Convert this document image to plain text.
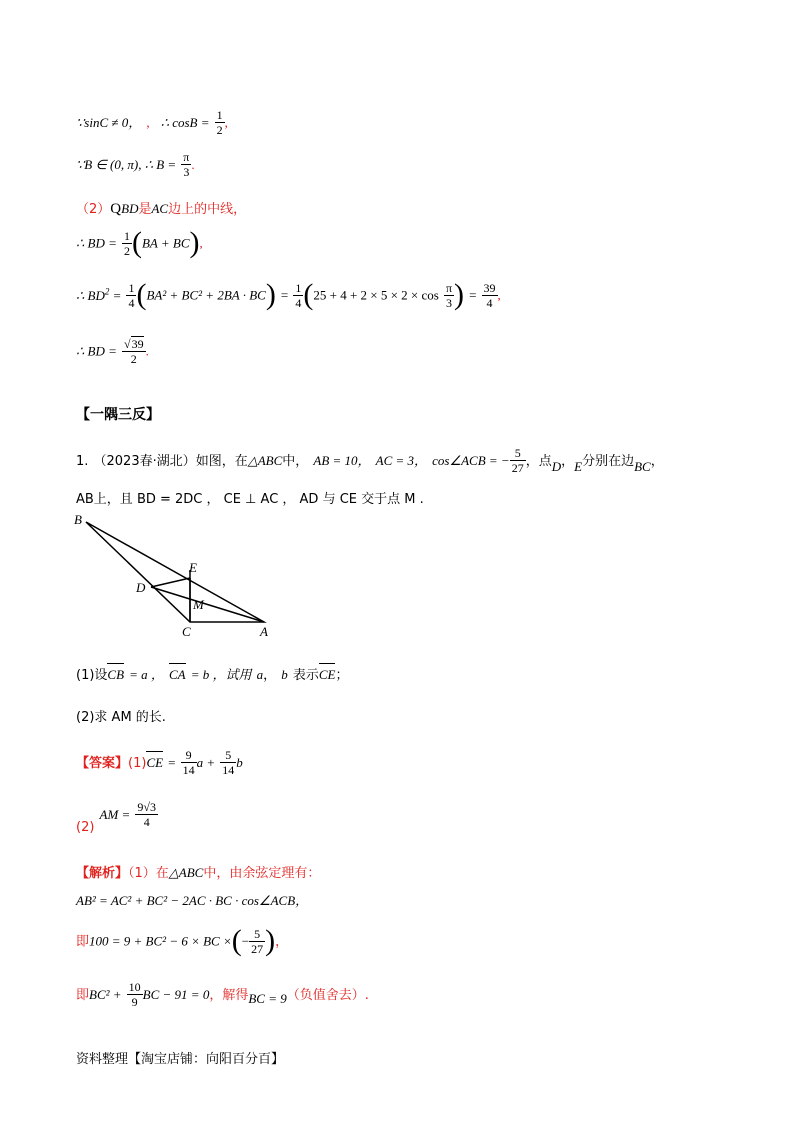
∵sinC ≠ 0， , ∴ $\cos B = \frac{1}{2}$ ,
∵B ∈ (0, π), ∴ $B = \frac{\pi}{3}$ .
（2）QBD是AC边上的中线，
∴ BD = $\frac{1}{2} (BA + BC)$,
∴ $BD^2 = \frac{1}{4} (BA^2 + BC^2 + 2BA \cdot BC) = \frac{1}{4} (25 + 4 + 2 \times 5 \times 2 \times \cos \frac{\pi}{3}$ ) = $\frac{39}{4}$ ,
∴ BD = $\frac{√39}{2}$ .
【一隅三反】
1. （2023春·湖北）如图，在△ABC中， AB = 10， AC = 3， cos∠ACB = − $\frac{5}{27}$ ，点$_D$，$_E$分别在边$_{BC}$，
AB上，且 BD = 2DC ， CE ⊥ AC ， AD 与 CE 交于点 M .
B
E
D
M
C	A
(1)设CB = a ， CA = b ，试用 a， b 表示CE；
(2)求 AM 的长.
【答案】$(1)CE = \frac{9}{14}$ $a + \frac{5}{14}$ b
$_{(2)}$ AM = $\frac{9√3}{4}$
【解析】（1）在△ABC中，由余弦定理有：
AB² = AC² + BC² − 2AC · BC · cos∠ACB，
即100 = 9 + BC² − 6 × BC ×(− $\frac{5}{27}$ )，
即$BC^2 + \frac{10}{9}$ BC − 91 = 0，解得$_{BC = 9}$（负值舍去）.
资料整理【淘宝店铺：向阳百分百】
